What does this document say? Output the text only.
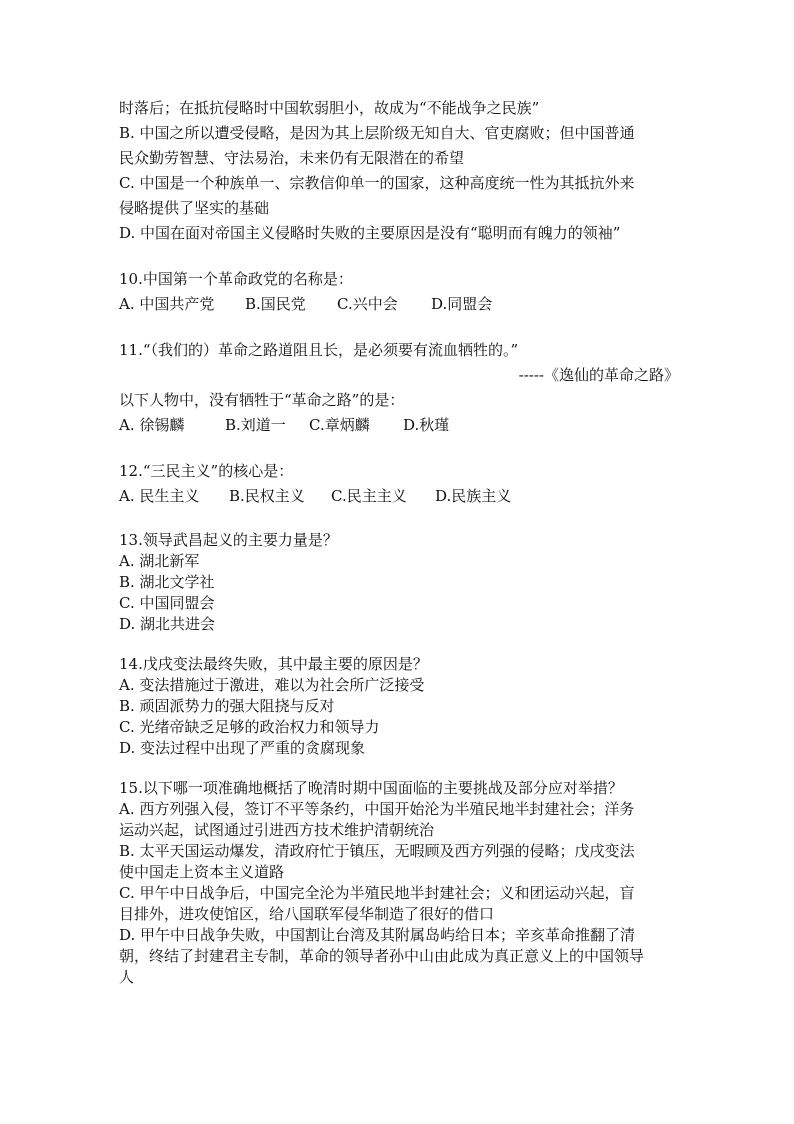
时落后；在抵抗侵略时中国软弱胆小，故成为“不能战争之民族”
B. 中国之所以遭受侵略，是因为其上层阶级无知自大、官吏腐败；但中国普通
民众勤劳智慧、守法易治，未来仍有无限潜在的希望
C. 中国是一个种族单一、宗教信仰单一的国家，这种高度统一性为其抵抗外来
侵略提供了坚实的基础
D. 中国在面对帝国主义侵略时失败的主要原因是没有“聪明而有魄力的领袖”
10.中国第一个革命政党的名称是：
A. 中国共产党 B.国民党 C.兴中会 D.同盟会
11.“（我们的）革命之路道阻且长，是必须要有流血牺牲的。”
-----《逸仙的革命之路》
以下人物中，没有牺牲于“革命之路”的是：
A. 徐锡麟	B.刘道一 C.章炳麟 D.秋瑾
12.“三民主义”的核心是：
A. 民生主义 B.民权主义 C.民主主义 D.民族主义
13.领导武昌起义的主要力量是？
A. 湖北新军
B. 湖北文学社
C. 中国同盟会
D. 湖北共进会
14.戊戌变法最终失败，其中最主要的原因是？
A. 变法措施过于激进，难以为社会所广泛接受
B. 顽固派势力的强大阻挠与反对
C. 光绪帝缺乏足够的政治权力和领导力
D. 变法过程中出现了严重的贪腐现象
15.以下哪一项准确地概括了晚清时期中国面临的主要挑战及部分应对举措？
A. 西方列强入侵，签订不平等条约，中国开始沦为半殖民地半封建社会；洋务
运动兴起，试图通过引进西方技术维护清朝统治
B. 太平天国运动爆发，清政府忙于镇压，无暇顾及西方列强的侵略；戊戌变法
使中国走上资本主义道路
C. 甲午中日战争后，中国完全沦为半殖民地半封建社会；义和团运动兴起，盲
目排外，进攻使馆区，给八国联军侵华制造了很好的借口
D. 甲午中日战争失败，中国割让台湾及其附属岛屿给日本；辛亥革命推翻了清
朝，终结了封建君主专制，革命的领导者孙中山由此成为真正意义上的中国领导
人
